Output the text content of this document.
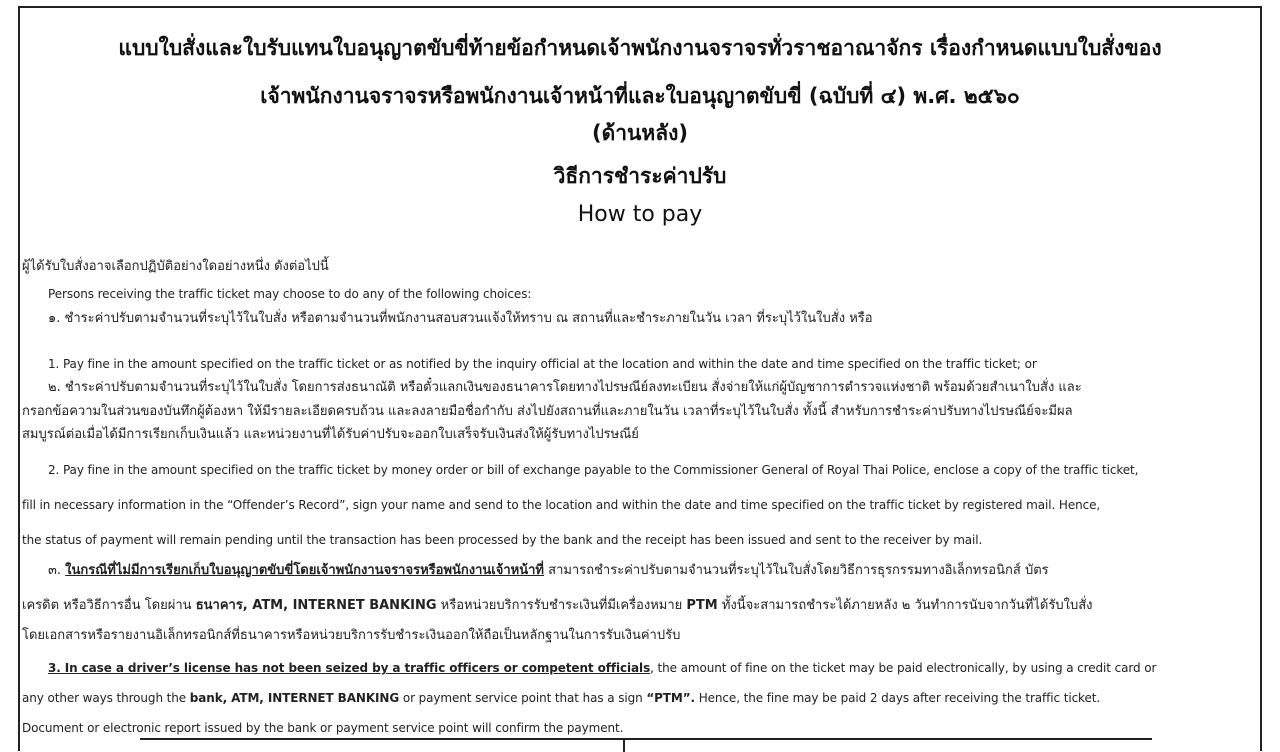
แบบใบสั่งและใบรับแทนใบอนุญาตขับขี่ท้ายข้อกำหนดเจ้าพนักงานจราจรทั่วราชอาณาจักร เรื่องกำหนดแบบใบสั่งของ
เจ้าพนักงานจราจรหรือพนักงานเจ้าหน้าที่และใบอนุญาตขับขี่ (ฉบับที่ ๔) พ.ศ. ๒๕๖๐
(ด้านหลัง)
วิธีการชำระค่าปรับ
How to pay
ผู้ได้รับใบสั่งอาจเลือกปฏิบัติอย่างใดอย่างหนึ่ง ดังต่อไปนี้
Persons receiving the traffic ticket may choose to do any of the following choices:
๑. ชำระค่าปรับตามจำนวนที่ระบุไว้ในใบสั่ง หรือตามจำนวนที่พนักงานสอบสวนแจ้งให้ทราบ ณ สถานที่และชำระภายในวัน เวลา ที่ระบุไว้ในใบสั่ง หรือ
1. Pay fine in the amount specified on the traffic ticket or as notified by the inquiry official at the location and within the date and time specified on the traffic ticket; or
๒. ชำระค่าปรับตามจำนวนที่ระบุไว้ในใบสั่ง โดยการส่งธนาณัติ หรือตั๋วแลกเงินของธนาคารโดยทางไปรษณีย์ลงทะเบียน สั่งจ่ายให้แก่ผู้บัญชาการตำรวจแห่งชาติ พร้อมด้วยสำเนาใบสั่ง และ
กรอกข้อความในส่วนของบันทึกผู้ต้องหา ให้มีรายละเอียดครบถ้วน และลงลายมือชื่อกำกับ ส่งไปยังสถานที่และภายในวัน เวลาที่ระบุไว้ในใบสั่ง ทั้งนี้ สำหรับการชำระค่าปรับทางไปรษณีย์จะมีผล
สมบูรณ์ต่อเมื่อได้มีการเรียกเก็บเงินแล้ว และหน่วยงานที่ได้รับค่าปรับจะออกใบเสร็จรับเงินส่งให้ผู้รับทางไปรษณีย์
2. Pay fine in the amount specified on the traffic ticket by money order or bill of exchange payable to the Commissioner General of Royal Thai Police, enclose a copy of the traffic ticket,
fill in necessary information in the “Offender’s Record”, sign your name and send to the location and within the date and time specified on the traffic ticket by registered mail. Hence,
the status of payment will remain pending until the transaction has been processed by the bank and the receipt has been issued and sent to the receiver by mail.
๓. ในกรณีที่ไม่มีการเรียกเก็บใบอนุญาตขับขี่โดยเจ้าพนักงานจราจรหรือพนักงานเจ้าหน้าที่ สามารถชำระค่าปรับตามจำนวนที่ระบุไว้ในใบสั่งโดยวิธีการธุรกรรมทางอิเล็กทรอนิกส์ บัตร
เครดิต หรือวิธีการอื่น โดยผ่าน ธนาคาร, ATM, INTERNET BANKING หรือหน่วยบริการรับชำระเงินที่มีเครื่องหมาย PTM ทั้งนี้จะสามารถชำระได้ภายหลัง ๒ วันทำการนับจากวันที่ได้รับใบสั่ง
โดยเอกสารหรือรายงานอิเล็กทรอนิกส์ที่ธนาคารหรือหน่วยบริการรับชำระเงินออกให้ถือเป็นหลักฐานในการรับเงินค่าปรับ
3. In case a driver’s license has not been seized by a traffic officers or competent officials, the amount of fine on the ticket may be paid electronically, by using a credit card or
any other ways through the bank, ATM, INTERNET BANKING or payment service point that has a sign “PTM”. Hence, the fine may be paid 2 days after receiving the traffic ticket.
Document or electronic report issued by the bank or payment service point will confirm the payment.
